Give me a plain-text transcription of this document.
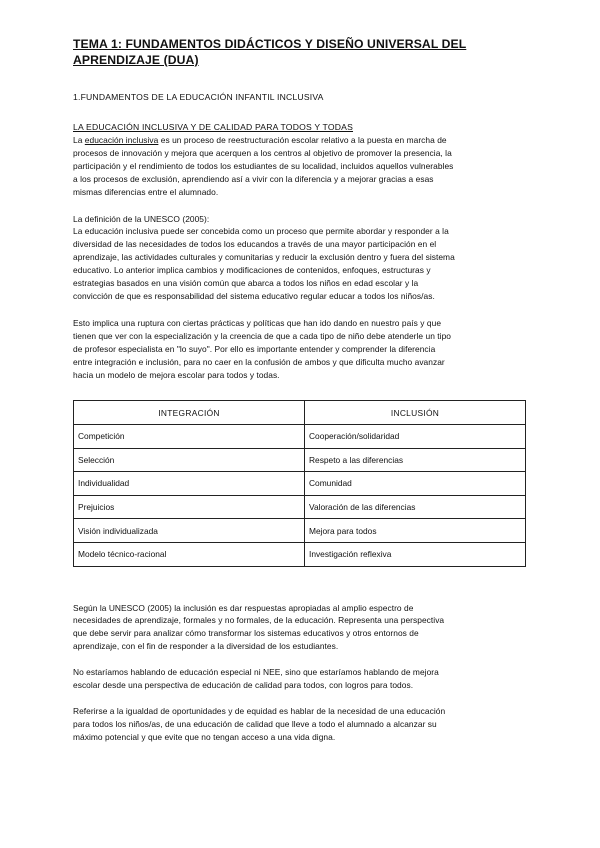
TEMA 1: FUNDAMENTOS DIDÁCTICOS Y DISEÑO UNIVERSAL DEL
APRENDIZAJE (DUA)
1.FUNDAMENTOS DE LA EDUCACIÓN INFANTIL INCLUSIVA
LA EDUCACIÓN INCLUSIVA Y DE CALIDAD PARA TODOS Y TODAS
La educación inclusiva es un proceso de reestructuración escolar relativo a la puesta en marcha de
procesos de innovación y mejora que acerquen a los centros al objetivo de promover la presencia, la
participación y el rendimiento de todos los estudiantes de su localidad, incluidos aquellos vulnerables
a los procesos de exclusión, aprendiendo así a vivir con la diferencia y a mejorar gracias a esas
mismas diferencias entre el alumnado.
La definición de la UNESCO (2005):
La educación inclusiva puede ser concebida como un proceso que permite abordar y responder a la
diversidad de las necesidades de todos los educandos a través de una mayor participación en el
aprendizaje, las actividades culturales y comunitarias y reducir la exclusión dentro y fuera del sistema
educativo. Lo anterior implica cambios y modificaciones de contenidos, enfoques, estructuras y
estrategias basados en una visión común que abarca a todos los niños en edad escolar y la
convicción de que es responsabilidad del sistema educativo regular educar a todos los niños/as.
Esto implica una ruptura con ciertas prácticas y políticas que han ido dando en nuestro país y que
tienen que ver con la especialización y la creencia de que a cada tipo de niño debe atenderle un tipo
de profesor especialista en "lo suyo". Por ello es importante entender y comprender la diferencia
entre integración e inclusión, para no caer en la confusión de ambos y que dificulta mucho avanzar
hacia un modelo de mejora escolar para todos y todas.
INTEGRACIÓN	INCLUSIÓN
Competición	Cooperación/solidaridad
Selección	Respeto a las diferencias
Individualidad	Comunidad
Prejuicios	Valoración de las diferencias
Visión individualizada	Mejora para todos
Modelo técnico-racional	Investigación reflexiva
Según la UNESCO (2005) la inclusión es dar respuestas apropiadas al amplio espectro de
necesidades de aprendizaje, formales y no formales, de la educación. Representa una perspectiva
que debe servir para analizar cómo transformar los sistemas educativos y otros entornos de
aprendizaje, con el fin de responder a la diversidad de los estudiantes.
No estaríamos hablando de educación especial ni NEE, sino que estaríamos hablando de mejora
escolar desde una perspectiva de educación de calidad para todos, con logros para todos.
Referirse a la igualdad de oportunidades y de equidad es hablar de la necesidad de una educación
para todos los niños/as, de una educación de calidad que lleve a todo el alumnado a alcanzar su
máximo potencial y que evite que no tengan acceso a una vida digna.
